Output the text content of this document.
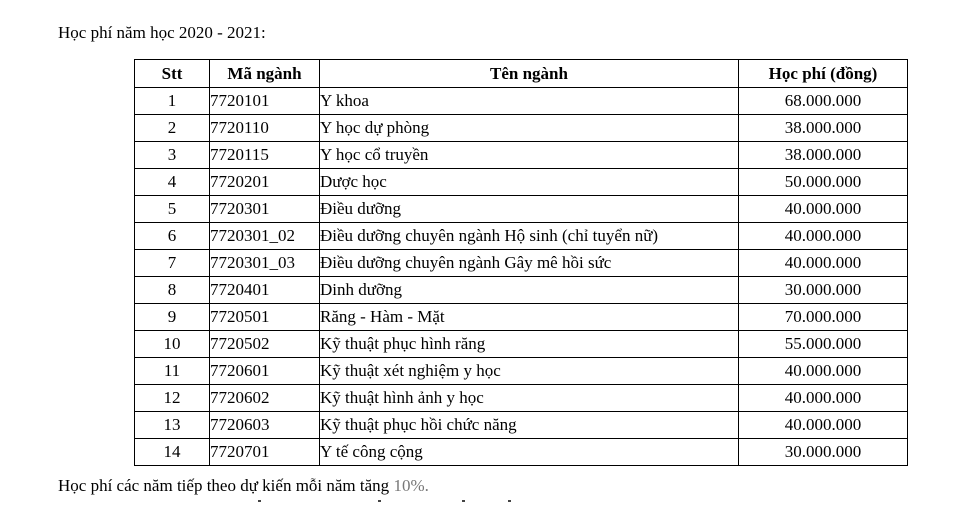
Học phí năm học 2020 - 2021:
Stt	Mã ngành	Tên ngành	Học phí (đồng)
1	7720101	Y khoa	68.000.000
2	7720110	Y học dự phòng	38.000.000
3	7720115	Y học cổ truyền	38.000.000
4	7720201	Dược học	50.000.000
5	7720301	Điều dưỡng	40.000.000
6	7720301_02	Điều dưỡng chuyên ngành Hộ sinh (chỉ tuyển nữ)	40.000.000
7	7720301_03	Điều dưỡng chuyên ngành Gây mê hồi sức	40.000.000
8	7720401	Dinh dưỡng	30.000.000
9	7720501	Răng - Hàm - Mặt	70.000.000
10	7720502	Kỹ thuật phục hình răng	55.000.000
11	7720601	Kỹ thuật xét nghiệm y học	40.000.000
12	7720602	Kỹ thuật hình ảnh y học	40.000.000
13	7720603	Kỹ thuật phục hồi chức năng	40.000.000
14	7720701	Y tế công cộng	30.000.000
Học phí các năm tiếp theo dự kiến mỗi năm tăng 10%.
